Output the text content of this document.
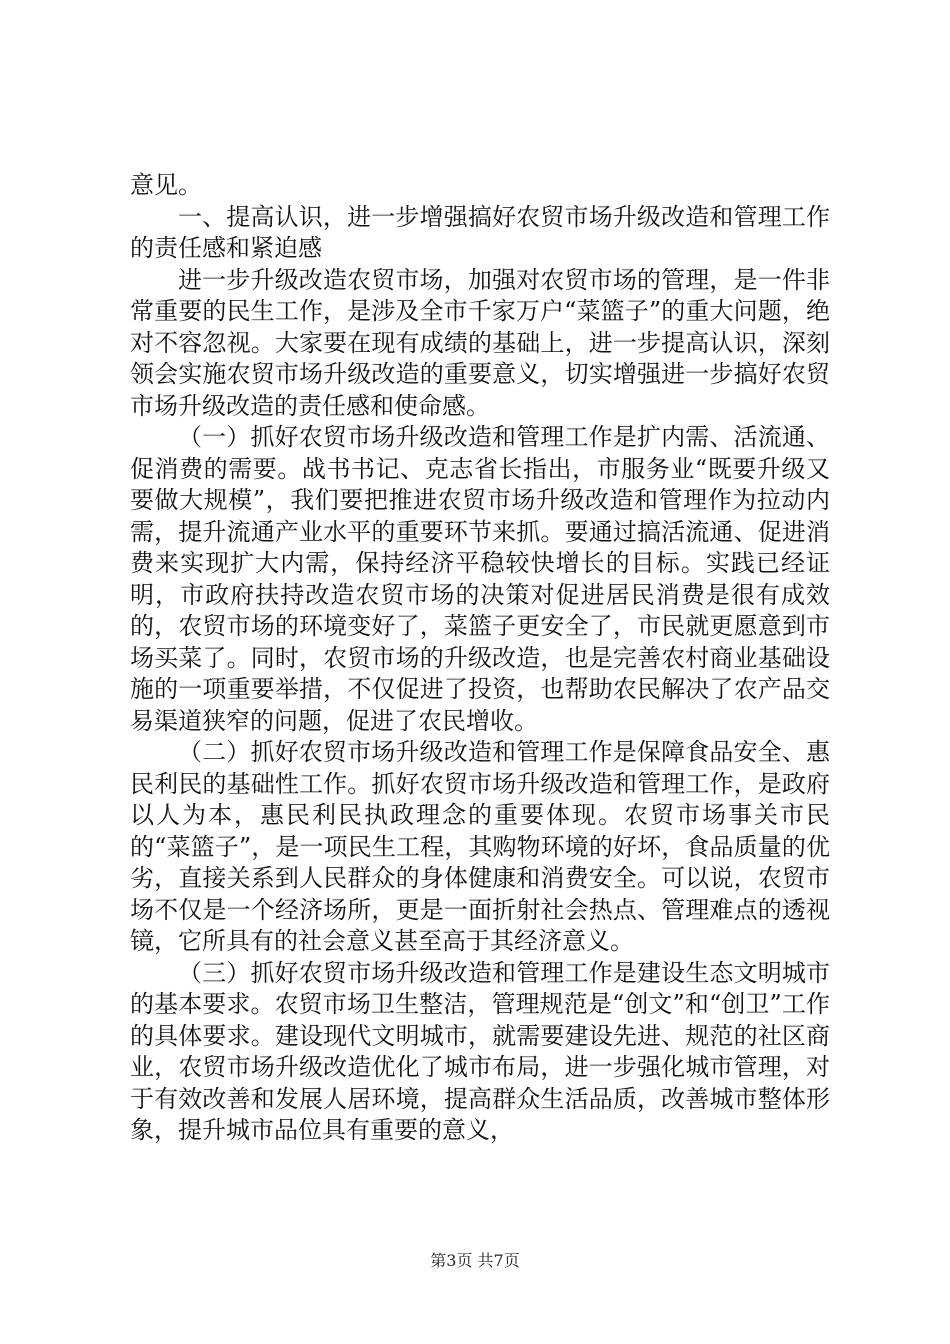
意见。

一、提高认识，进一步增强搞好农贸市场升级改造和管理工作的责任感和紧迫感

进一步升级改造农贸市场，加强对农贸市场的管理，是一件非常重要的民生工作，是涉及全市千家万户“菜篮子”的重大问题，绝对不容忽视。大家要在现有成绩的基础上，进一步提高认识，深刻领会实施农贸市场升级改造的重要意义，切实增强进一步搞好农贸市场升级改造的责任感和使命感。

（一）抓好农贸市场升级改造和管理工作是扩内需、活流通、促消费的需要。战书书记、克志省长指出，市服务业“既要升级又要做大规模”，我们要把推进农贸市场升级改造和管理作为拉动内需，提升流通产业水平的重要环节来抓。要通过搞活流通、促进消费来实现扩大内需，保持经济平稳较快增长的目标。实践已经证明，市政府扶持改造农贸市场的决策对促进居民消费是很有成效的，农贸市场的环境变好了，菜篮子更安全了，市民就更愿意到市场买菜了。同时，农贸市场的升级改造，也是完善农村商业基础设施的一项重要举措，不仅促进了投资，也帮助农民解决了农产品交易渠道狭窄的问题，促进了农民增收。

（二）抓好农贸市场升级改造和管理工作是保障食品安全、惠民利民的基础性工作。抓好农贸市场升级改造和管理工作，是政府以人为本，惠民利民执政理念的重要体现。农贸市场事关市民的“菜篮子”，是一项民生工程，其购物环境的好坏，食品质量的优劣，直接关系到人民群众的身体健康和消费安全。可以说，农贸市场不仅是一个经济场所，更是一面折射社会热点、管理难点的透视镜，它所具有的社会意义甚至高于其经济意义。

（三）抓好农贸市场升级改造和管理工作是建设生态文明城市的基本要求。农贸市场卫生整洁，管理规范是“创文”和“创卫”工作的具体要求。建设现代文明城市，就需要建设先进、规范的社区商业，农贸市场升级改造优化了城市布局，进一步强化城市管理，对于有效改善和发展人居环境，提高群众生活品质，改善城市整体形象，提升城市品位具有重要的意义，

第3页 共7页
